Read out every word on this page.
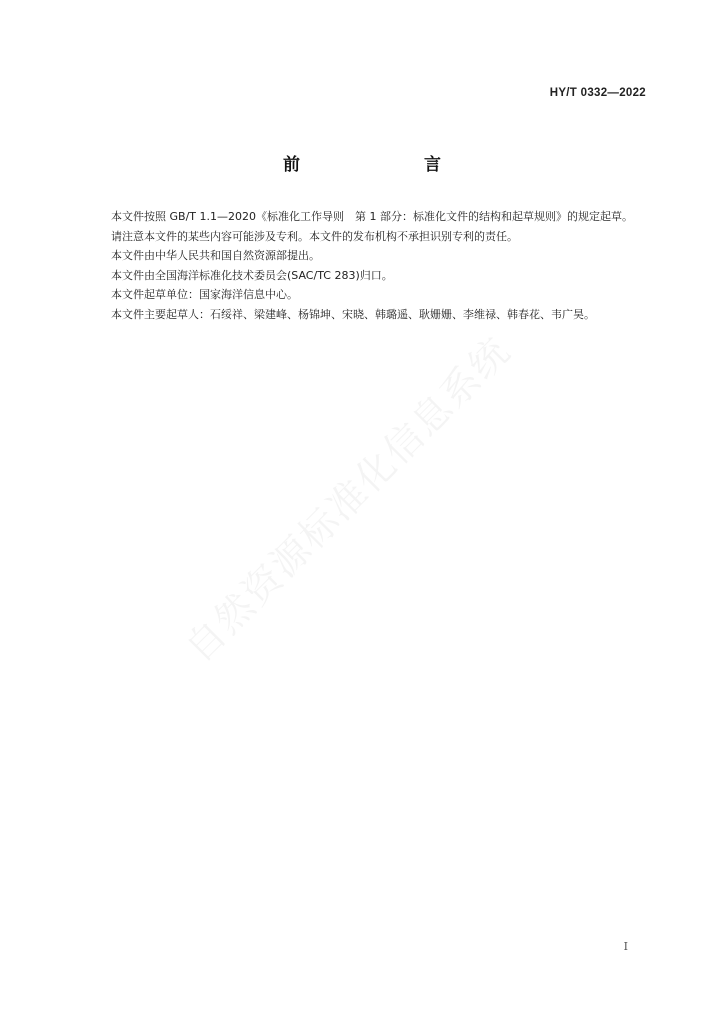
HY/T 0332—2022
前　　言

本文件按照 GB/T 1.1—2020《标准化工作导则　第 1 部分：标准化文件的结构和起草规则》的规定起草。

请注意本文件的某些内容可能涉及专利。本文件的发布机构不承担识别专利的责任。

本文件由中华人民共和国自然资源部提出。

本文件由全国海洋标准化技术委员会(SAC/TC 283)归口。

本文件起草单位：国家海洋信息中心。

本文件主要起草人：石绥祥、梁建峰、杨锦坤、宋晓、韩璐遥、耿姗姗、李维禄、韩春花、韦广昊。

I
